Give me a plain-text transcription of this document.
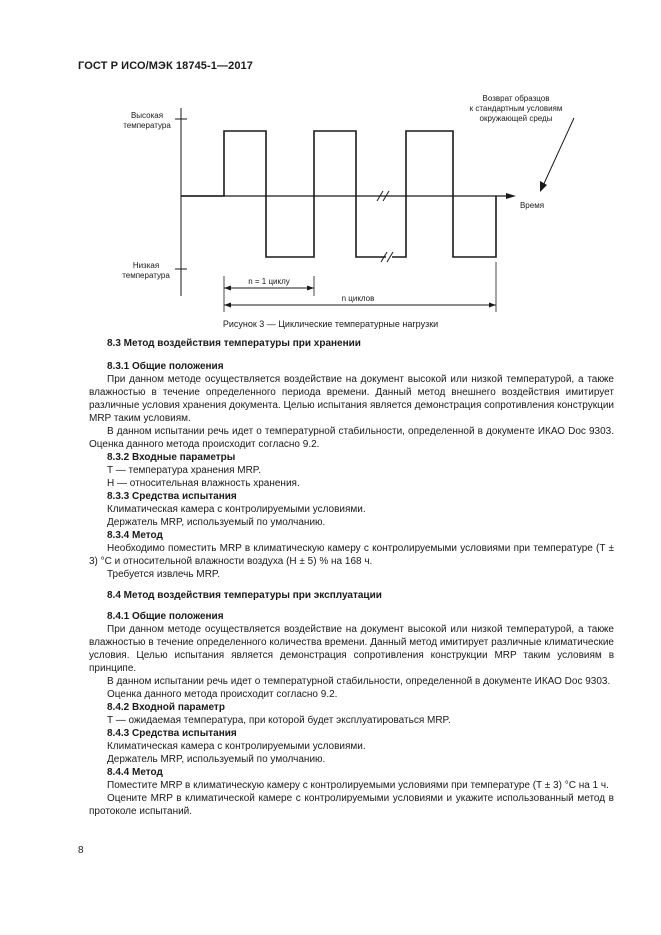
ГОСТ Р ИСО/МЭК 18745-1—2017
Высокая
температура
Низкая
температура
Время
Возврат образцов
к стандартным условиям
окружающей среды
n = 1 циклу
n циклов
Рисунок 3 — Циклические температурные нагрузки

8.3 Метод воздействия температуры при хранении

8.3.1 Общие положения

При данном методе осуществляется воздействие на документ высокой или низкой температурой, а также влажностью в течение определенного периода времени. Данный метод внешнего воздействия имитирует различные условия хранения документа. Целью испытания является демонстрация сопротивления конструкции MRP таким условиям.

В данном испытании речь идет о температурной стабильности, определенной в документе ИКАО Doc 9303. Оценка данного метода происходит согласно 9.2.

8.3.2 Входные параметры

T — температура хранения MRP.

H — относительная влажность хранения.

8.3.3 Средства испытания

Климатическая камера с контролируемыми условиями.

Держатель MRP, используемый по умолчанию.

8.3.4 Метод

Необходимо поместить MRP в климатическую камеру с контролируемыми условиями при температуре (T ± 3) °С и относительной влажности воздуха (H ± 5) % на 168 ч.

Требуется извлечь MRP.

8.4 Метод воздействия температуры при эксплуатации

8.4.1 Общие положения

При данном методе осуществляется воздействие на документ высокой или низкой температурой, а также влажностью в течение определенного количества времени. Данный метод имитирует различные климатические условия. Целью испытания является демонстрация сопротивления конструкции MRP таким условиям в принципе.

В данном испытании речь идет о температурной стабильности, определенной в документе ИКАО Doc 9303.

Оценка данного метода происходит согласно 9.2.

8.4.2 Входной параметр

T — ожидаемая температура, при которой будет эксплуатироваться MRP.

8.4.3 Средства испытания

Климатическая камера с контролируемыми условиями.

Держатель MRP, используемый по умолчанию.

8.4.4 Метод

Поместите MRP в климатическую камеру с контролируемыми условиями при температуре (T ± 3) °С на 1 ч.

Оцените MRP в климатической камере с контролируемыми условиями и укажите использованный метод в протоколе испытаний.

8
